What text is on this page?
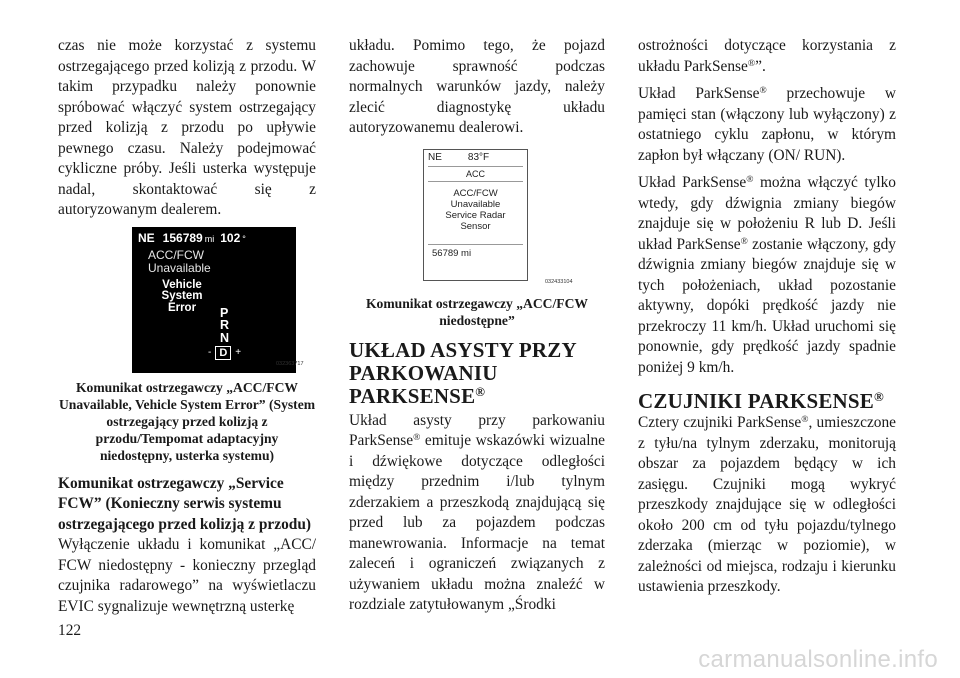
czas nie może korzystać z systemu ostrzegającego przed kolizją z przodu. W takim przypadku należy ponownie spróbować włączyć system ostrzegający przed kolizją z przodu po upływie pewnego czasu. Należy podejmować cykliczne próby. Jeśli usterka występuje nadal, skontaktować się z autoryzowanym dealerem.

NE 156789 mi 102 °
ACC/FCW
Unavailable
Vehicle
System
Error	P
R
N
- D +
032363717
Komunikat ostrzegawczy „ACC/FCW Unavailable, Vehicle System Error” (System ostrzegający przed kolizją z przodu/Tempomat adaptacyjny niedostępny, usterka systemu)
Komunikat ostrzegawczy „Service FCW” (Konieczny serwis systemu ostrzegającego przed kolizją z przodu)

Wyłączenie układu i komunikat „ACC/ FCW niedostępny - konieczny przegląd czujnika radarowego” na wyświetlaczu EVIC sygnalizuje wewnętrzną usterkę

układu. Pomimo tego, że pojazd zachowuje sprawność podczas normalnych warunków jazdy, należy zlecić diagnostykę układu autoryzowanemu dealerowi.

NE	83°F
ACC
ACC/FCW
Unavailable
Service Radar
Sensor
56789 mi
032433104
Komunikat ostrzegawczy „ACC/FCW niedostępne”
UKŁAD ASYSTY PRZY PARKOWANIU PARKSENSE®

Układ asysty przy parkowaniu ParkSense® emituje wskazówki wizualne i dźwiękowe dotyczące odległości między przednim i/lub tylnym zderzakiem a przeszkodą znajdującą się przed lub za pojazdem podczas manewrowania. Informacje na temat zaleceń i ograniczeń związanych z używaniem układu można znaleźć w rozdziale zatytułowanym „Środki

ostrożności dotyczące korzystania z układu ParkSense®”.

Układ ParkSense® przechowuje w pamięci stan (włączony lub wyłączony) z ostatniego cyklu zapłonu, w którym zapłon był włączany (ON/ RUN).

Układ ParkSense® można włączyć tylko wtedy, gdy dźwignia zmiany biegów znajduje się w położeniu R lub D. Jeśli układ ParkSense® zostanie włączony, gdy dźwignia zmiany biegów znajduje się w tych położeniach, układ pozostanie aktywny, dopóki prędkość jazdy nie przekroczy 11 km/h. Układ uruchomi się ponownie, gdy prędkość jazdy spadnie poniżej 9 km/h.

CZUJNIKI PARKSENSE®

Cztery czujniki ParkSense®, umieszczone z tyłu/na tylnym zderzaku, monitorują obszar za pojazdem będący w ich zasięgu. Czujniki mogą wykryć przeszkody znajdujące się w odległości około 200 cm od tyłu pojazdu/tylnego zderzaka (mierząc w poziomie), w zależności od miejsca, rodzaju i kierunku ustawienia przeszkody.

122
carmanualsonline.info
